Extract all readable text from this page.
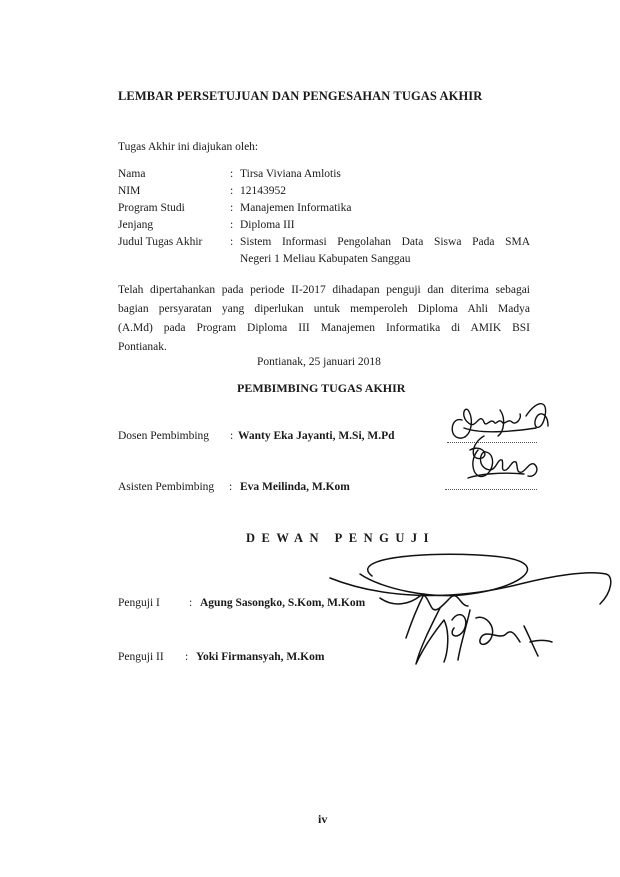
LEMBAR PERSETUJUAN DAN PENGESAHAN TUGAS AKHIR
Tugas Akhir ini diajukan oleh:
Nama	: Tirsa Viviana Amlotis
NIM	: 12143952
Program Studi	: Manajemen Informatika
Jenjang	: Diploma III
Judul Tugas Akhir : Sistem Informasi Pengolahan Data Siswa Pada SMA
Negeri 1 Meliau Kabupaten Sanggau
Telah dipertahankan pada periode II-2017 dihadapan penguji dan diterima sebagai
bagian persyaratan yang diperlukan untuk memperoleh Diploma Ahli Madya
(A.Md) pada Program Diploma III Manajemen Informatika di AMIK BSI
Pontianak.
Pontianak, 25 januari 2018
PEMBIMBING TUGAS AKHIR
Dosen Pembimbing : Wanty Eka Jayanti, M.Si, M.Pd
Asisten Pembimbing : Eva Meilinda, M.Kom
DEWAN PENGUJI
Penguji I	: Agung Sasongko, S.Kom, M.Kom
Penguji II : Yoki Firmansyah, M.Kom
iv
